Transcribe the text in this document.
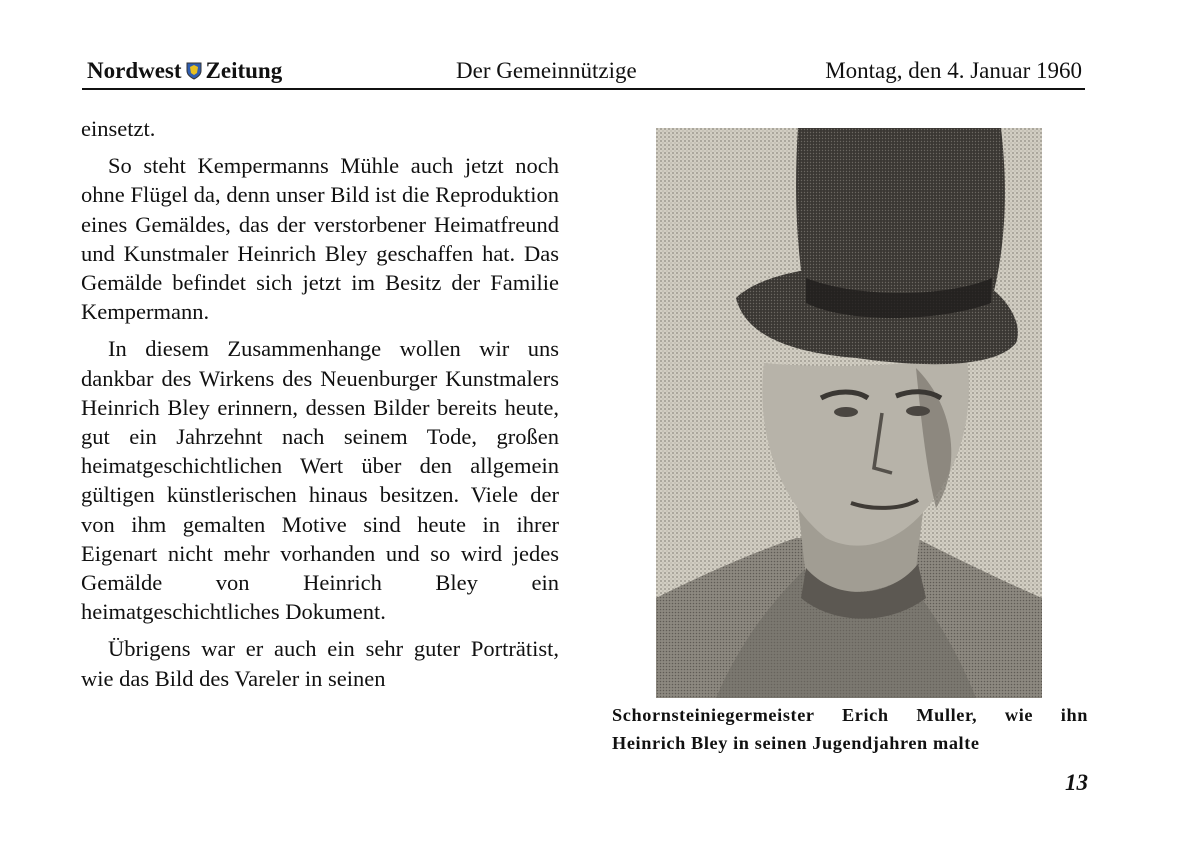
Nordwest Zeitung	Der Gemeinnützige	Montag, den 4. Januar 1960

einsetzt.

So steht Kempermanns Mühle auch jetzt noch ohne Flügel da, denn unser Bild ist die Reproduktion eines Gemäldes, das der verstorbener Heimatfreund und Kunstmaler Heinrich Bley geschaffen hat. Das Gemälde befindet sich jetzt im Besitz der Familie Kempermann.

In diesem Zusammenhange wollen wir uns dankbar des Wirkens des Neuenburger Kunstmalers Heinrich Bley erinnern, dessen Bilder bereits heute, gut ein Jahrzehnt nach seinem Tode, großen heimatgeschichtlichen Wert über den allgemein gültigen künstlerischen hinaus besitzen. Viele der von ihm gemalten Motive sind heute in ihrer Eigenart nicht mehr vorhanden und so wird jedes Gemälde von Heinrich Bley ein heimatgeschichtliches Dokument.

Übrigens war er auch ein sehr guter Porträtist, wie das Bild des Vareler in seinen

Schornsteiniegermeister Erich Muller, wie ihn
Heinrich Bley in seinen Jugendjahren malte
13
